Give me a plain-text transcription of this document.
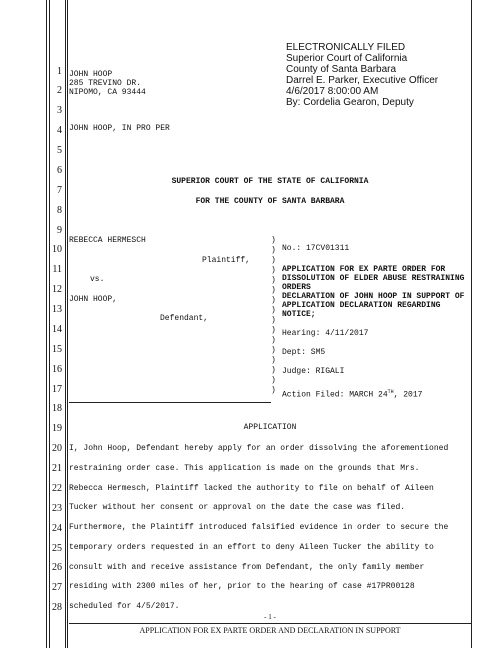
1
2
3
4
5
6
7
8
9
10
11
12
13
14
15
16
17
18
19
20
21
22
23
24
25
26
27
28
ELECTRONICALLY FILED
Superior Court of California
County of Santa Barbara
Darrel E. Parker, Executive Officer
4/6/2017 8:00:00 AM
By: Cordelia Gearon, Deputy
JOHN HOOP
285 TREVINO DR.
NIPOMO, CA 93444
JOHN HOOP, IN PRO PER
SUPERIOR COURT OF THE STATE OF CALIFORNIA
FOR THE COUNTY OF SANTA BARBARA
REBECCA HERMESCH
Plaintiff,
vs.
JOHN HOOP,
Defendant,
)
)
)
)
)
)
)
)
)
)
)
)
)
)
)
)
No.: 17CV01311
APPLICATION FOR EX PARTE ORDER FOR
DISSOLUTION OF ELDER ABUSE RESTRAINING
ORDERS
DECLARATION OF JOHN HOOP IN SUPPORT OF
APPLICATION DECLARATION REGARDING
NOTICE;
Hearing: 4/11/2017
Dept: SM5
Judge: RIGALI
Action Filed: MARCH 24TH, 2017
APPLICATION
I, John Hoop, Defendant hereby apply for an order dissolving the aforementioned
restraining order case. This application is made on the grounds that Mrs.
Rebecca Hermesch, Plaintiff lacked the authority to file on behalf of Aileen
Tucker without her consent or approval on the date the case was filed.
Furthermore, the Plaintiff introduced falsified evidence in order to secure the
temporary orders requested in an effort to deny Aileen Tucker the ability to
consult with and receive assistance from Defendant, the only family member
residing with 2300 miles of her, prior to the hearing of case #17PR00128
scheduled for 4/5/2017.
- 1 -
APPLICATION FOR EX PARTE ORDER AND DECLARATION IN SUPPORT
